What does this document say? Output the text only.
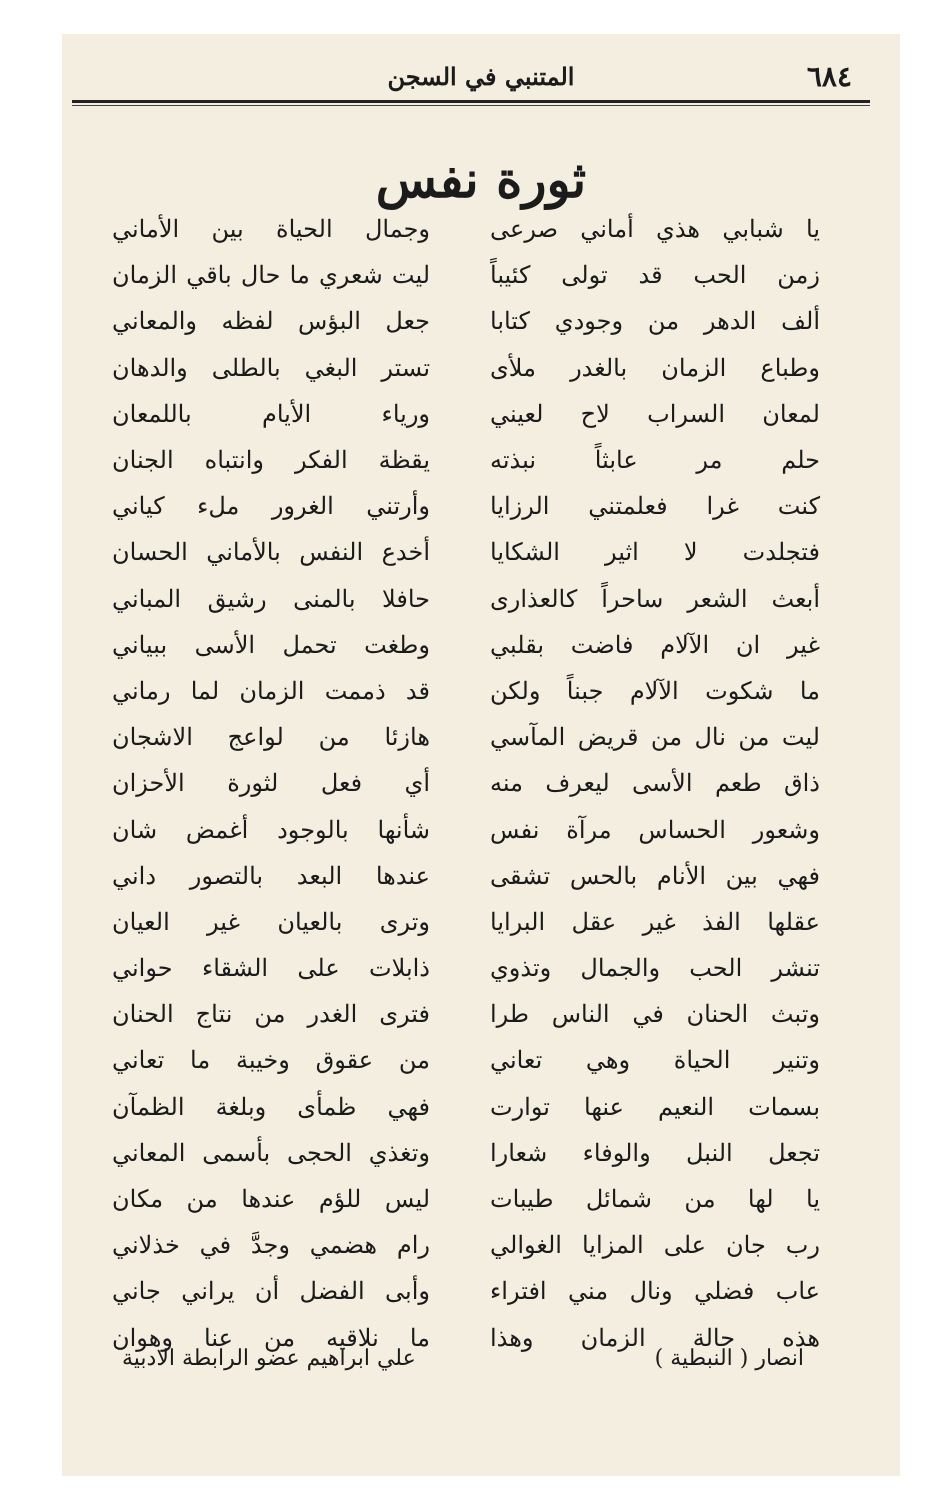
٦٨٤
المتنبي في السجن
ثورة نفس
يا شبابي هذي أماني صرعى
وجمال الحياة بين الأماني
زمن الحب قد تولى كئيباً
ليت شعري ما حال باقي الزمان
ألف الدهر من وجودي كتابا
جعل البؤس لفظه والمعاني
وطباع الزمان بالغدر ملأى
تستر البغي بالطلى والدهان
لمعان السراب لاح لعيني
ورياء الأيام باللمعان
حلم مر عابثاً نبذته
يقظة الفكر وانتباه الجنان
كنت غرا فعلمتني الرزايا
وأرتني الغرور ملء كياني
فتجلدت لا اثير الشكايا
أخدع النفس بالأماني الحسان
أبعث الشعر ساحراً كالعذارى
حافلا بالمنى رشيق المباني
غير ان الآلام فاضت بقلبي
وطغت تحمل الأسى ببياني
ما شكوت الآلام جبناً ولكن
قد ذممت الزمان لما رماني
ليت من نال من قريض المآسي
هازئا من لواعج الاشجان
ذاق طعم الأسى ليعرف منه
أي فعل لثورة الأحزان
وشعور الحساس مرآة نفس
شأنها بالوجود أغمض شان
فهي بين الأنام بالحس تشقى
عندها البعد بالتصور داني
عقلها الفذ غير عقل البرايا
وترى بالعيان غير العيان
تنشر الحب والجمال وتذوي
ذابلات على الشقاء حواني
وتبث الحنان في الناس طرا
فترى الغدر من نتاج الحنان
وتنير الحياة وهي تعاني
من عقوق وخيبة ما تعاني
بسمات النعيم عنها توارت
فهي ظمأى وبلغة الظمآن
تجعل النبل والوفاء شعارا
وتغذي الحجى بأسمى المعاني
يا لها من شمائل طيبات
ليس للؤم عندها من مكان
رب جان على المزايا الغوالي
رام هضمي وجدَّ في خذلاني
عاب فضلي ونال مني افتراء
وأبى الفضل أن يراني جاني
هذه حالة الزمان وهذا
ما نلاقيه من عنا وهوان
انصار ( النبطية )
علي ابراهيم عضو الرابطة الادبية
